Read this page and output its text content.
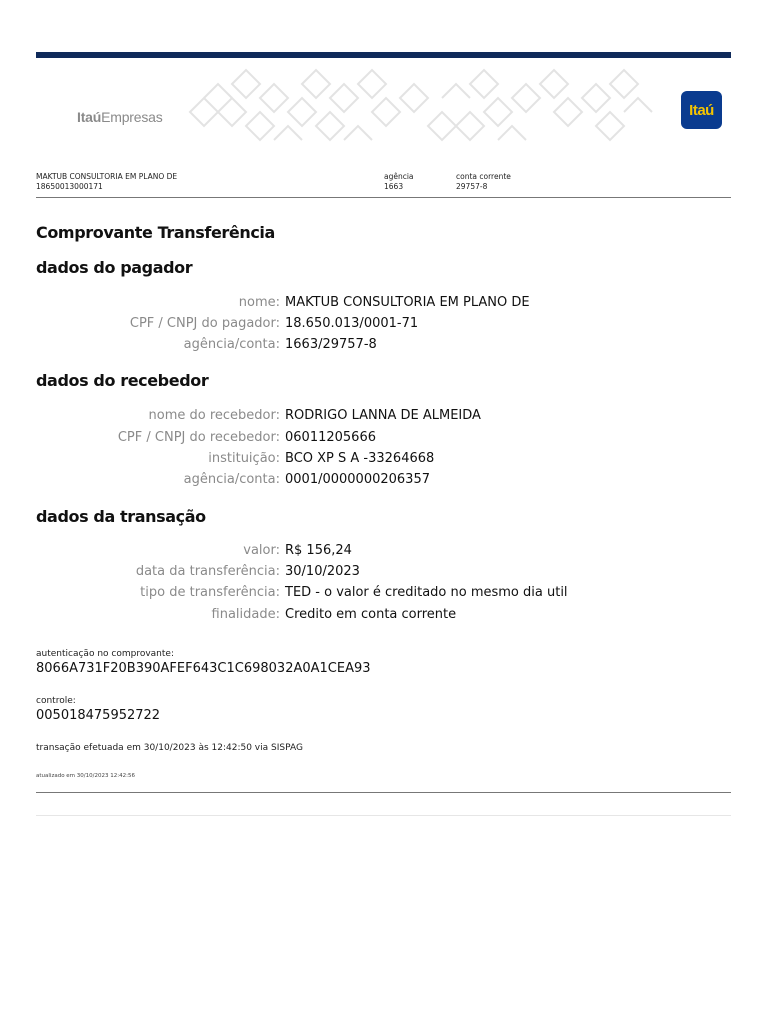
ItaúEmpresas	Itaú
MAKTUB CONSULTORIA EM PLANO DE
18650013000171
agência
1663
conta corrente
29757-8
Comprovante Transferência
dados do pagador
nome: MAKTUB CONSULTORIA EM PLANO DE
CPF / CNPJ do pagador: 18.650.013/0001-71
agência/conta: 1663/29757-8
dados do recebedor
nome do recebedor: RODRIGO LANNA DE ALMEIDA
CPF / CNPJ do recebedor: 06011205666
instituição: BCO XP S A -33264668
agência/conta: 0001/0000000206357
dados da transação
valor: R$ 156,24
data da transferência: 30/10/2023
tipo de transferência: TED - o valor é creditado no mesmo dia util
finalidade: Credito em conta corrente
autenticação no comprovante:
8066A731F20B390AFEF643C1C698032A0A1CEA93
controle:
005018475952722
transação efetuada em 30/10/2023 às 12:42:50 via SISPAG
atualizado em 30/10/2023 12:42:56
